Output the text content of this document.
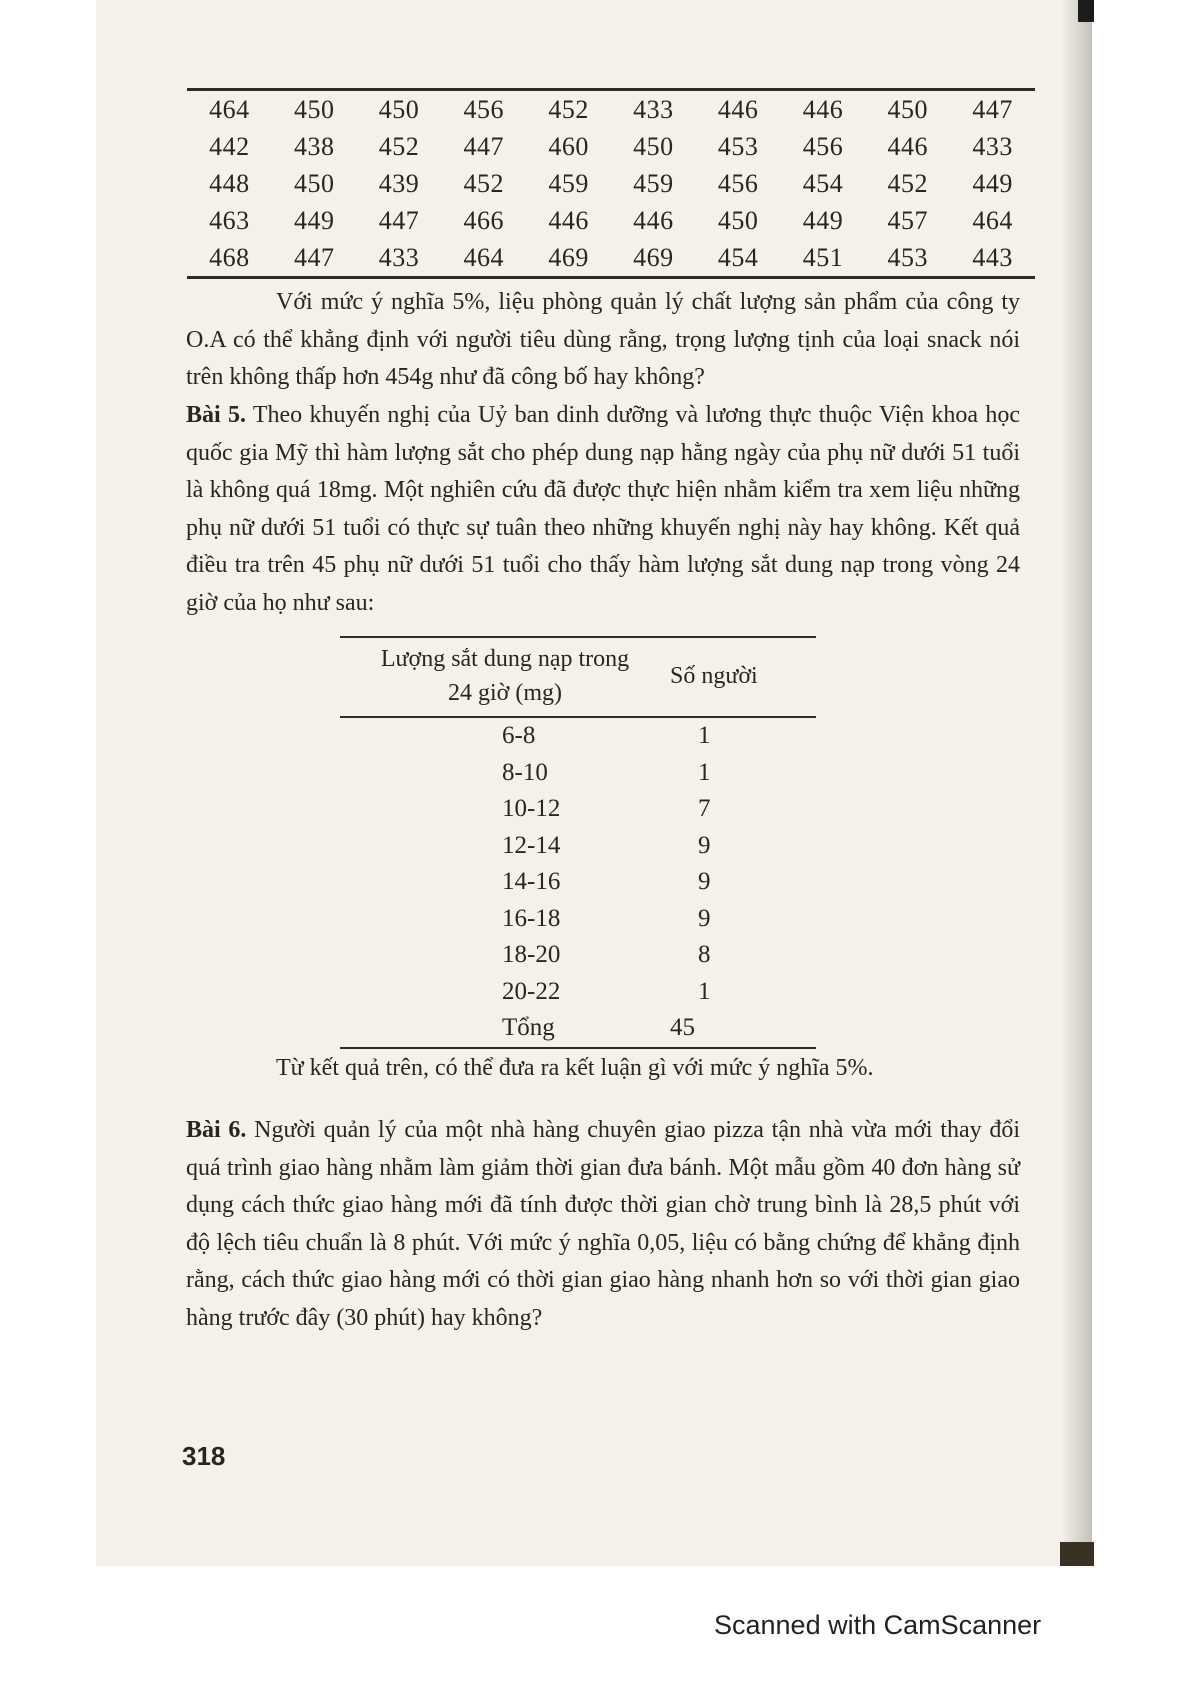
464	450	450	456	452	433	446	446	450	447
442	438	452	447	460	450	453	456	446	433
448	450	439	452	459	459	456	454	452	449
463	449	447	466	446	446	450	449	457	464
468	447	433	464	469	469	454	451	453	443

Với mức ý nghĩa 5%, liệu phòng quản lý chất lượng sản phẩm của công ty O.A có thể khẳng định với người tiêu dùng rằng, trọng lượng tịnh của loại snack nói trên không thấp hơn 454g như đã công bố hay không?

Bài 5. Theo khuyến nghị của Uỷ ban dinh dưỡng và lương thực thuộc Viện khoa học quốc gia Mỹ thì hàm lượng sắt cho phép dung nạp hằng ngày của phụ nữ dưới 51 tuổi là không quá 18mg. Một nghiên cứu đã được thực hiện nhằm kiểm tra xem liệu những phụ nữ dưới 51 tuổi có thực sự tuân theo những khuyến nghị này hay không. Kết quả điều tra trên 45 phụ nữ dưới 51 tuổi cho thấy hàm lượng sắt dung nạp trong vòng 24 giờ của họ như sau:

Lượng sắt dung nạp trong
24 giờ (mg)	Số người
6-8	1
8-10	1
10-12	7
12-14	9
14-16	9
16-18	9
18-20	8
20-22	1
Tổng	45

Từ kết quả trên, có thể đưa ra kết luận gì với mức ý nghĩa 5%.

Bài 6. Người quản lý của một nhà hàng chuyên giao pizza tận nhà vừa mới thay đổi quá trình giao hàng nhằm làm giảm thời gian đưa bánh. Một mẫu gồm 40 đơn hàng sử dụng cách thức giao hàng mới đã tính được thời gian chờ trung bình là 28,5 phút với độ lệch tiêu chuẩn là 8 phút. Với mức ý nghĩa 0,05, liệu có bằng chứng để khẳng định rằng, cách thức giao hàng mới có thời gian giao hàng nhanh hơn so với thời gian giao hàng trước đây (30 phút) hay không?

318
Scanned with CamScanner
